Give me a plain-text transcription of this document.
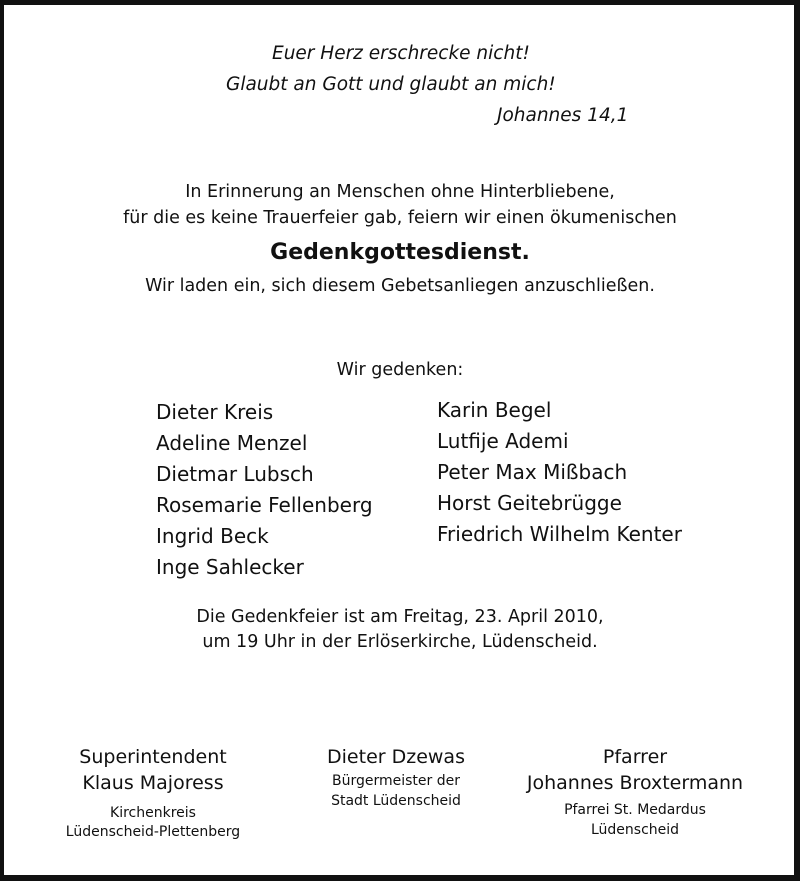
Euer Herz erschrecke nicht!
Glaubt an Gott und glaubt an mich!
Johannes 14,1
In Erinnerung an Menschen ohne Hinterbliebene,
für die es keine Trauerfeier gab, feiern wir einen ökumenischen
Gedenkgottesdienst.
Wir laden ein, sich diesem Gebetsanliegen anzuschließen.
Wir gedenken:
Dieter Kreis
Adeline Menzel
Dietmar Lubsch
Rosemarie Fellenberg
Ingrid Beck
Inge Sahlecker
Karin Begel
Lutfije Ademi
Peter Max Mißbach
Horst Geitebrügge
Friedrich Wilhelm Kenter
Die Gedenkfeier ist am Freitag, 23. April 2010,
um 19 Uhr in der Erlöserkirche, Lüdenscheid.
Superintendent
Klaus Majoress
Kirchenkreis
Lüdenscheid-Plettenberg
Dieter Dzewas
Bürgermeister der
Stadt Lüdenscheid
Pfarrer
Johannes Broxtermann
Pfarrei St. Medardus
Lüdenscheid
